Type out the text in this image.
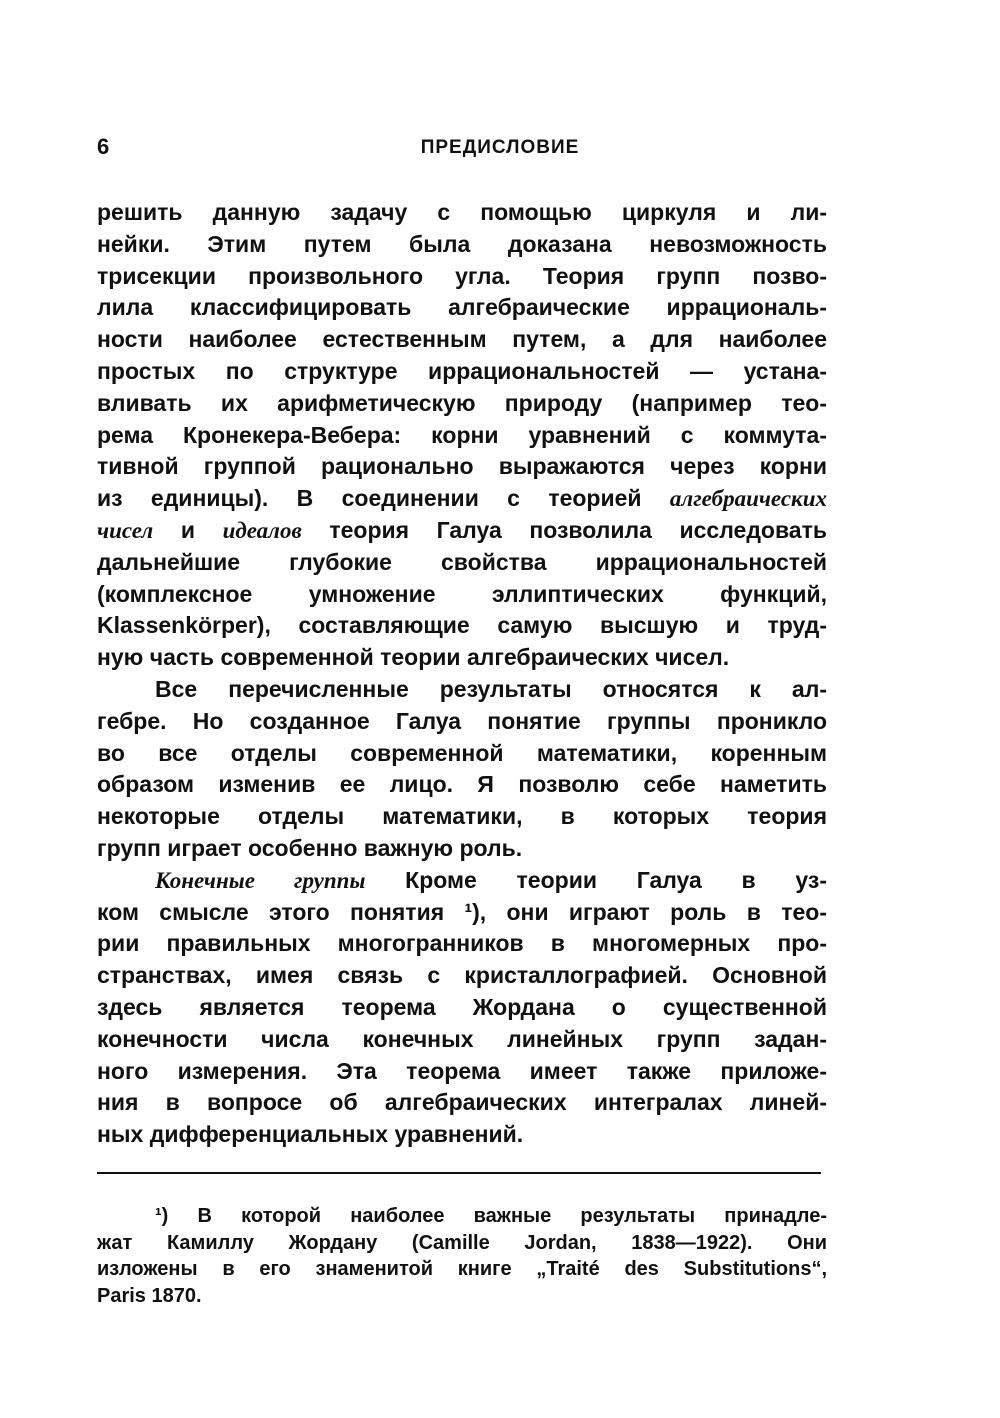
6	ПРЕДИСЛОВИЕ
решить данную задачу с помощью циркуля и ли-
нейки. Этим путем была доказана невозможность
трисекции произвольного угла. Теория групп позво-
лила классифицировать алгебраические иррациональ-
ности наиболее естественным путем, а для наиболее
простых по структуре иррациональностей — устана-
вливать их арифметическую природу (например тео-
рема Кронекера-Вебера: корни уравнений с коммута-
тивной группой рационально выражаются через корни
из единицы). В соединении с теорией алгебраических
чисел и идеалов теория Галуа позволила исследовать
дальнейшие глубокие свойства иррациональностей
(комплексное умножение эллиптических функций,
Klassenkörper), составляющие самую высшую и труд-
ную часть современной теории алгебраических чисел.
Все перечисленные результаты относятся к ал-
гебре. Но созданное Галуа понятие группы проникло
во все отделы современной математики, коренным
образом изменив ее лицо. Я позволю себе наметить
некоторые отделы математики, в которых теория
групп играет особенно важную роль.
Конечные группы Кроме теории Галуа в уз-
ком смысле этого понятия ¹), они играют роль в тео-
рии правильных многогранников в многомерных про-
странствах, имея связь с кристаллографией. Основной
здесь является теорема Жордана о существенной
конечности числа конечных линейных групп задан-
ного измерения. Эта теорема имеет также приложе-
ния в вопросе об алгебраических интегралах линей-
ных дифференциальных уравнений.
¹) В которой наиболее важные результаты принадле-
жат Камиллу Жордану (Camille Jordan, 1838—1922). Они
изложены в его знаменитой книге „Traité des Substitutions“,
Paris 1870.
